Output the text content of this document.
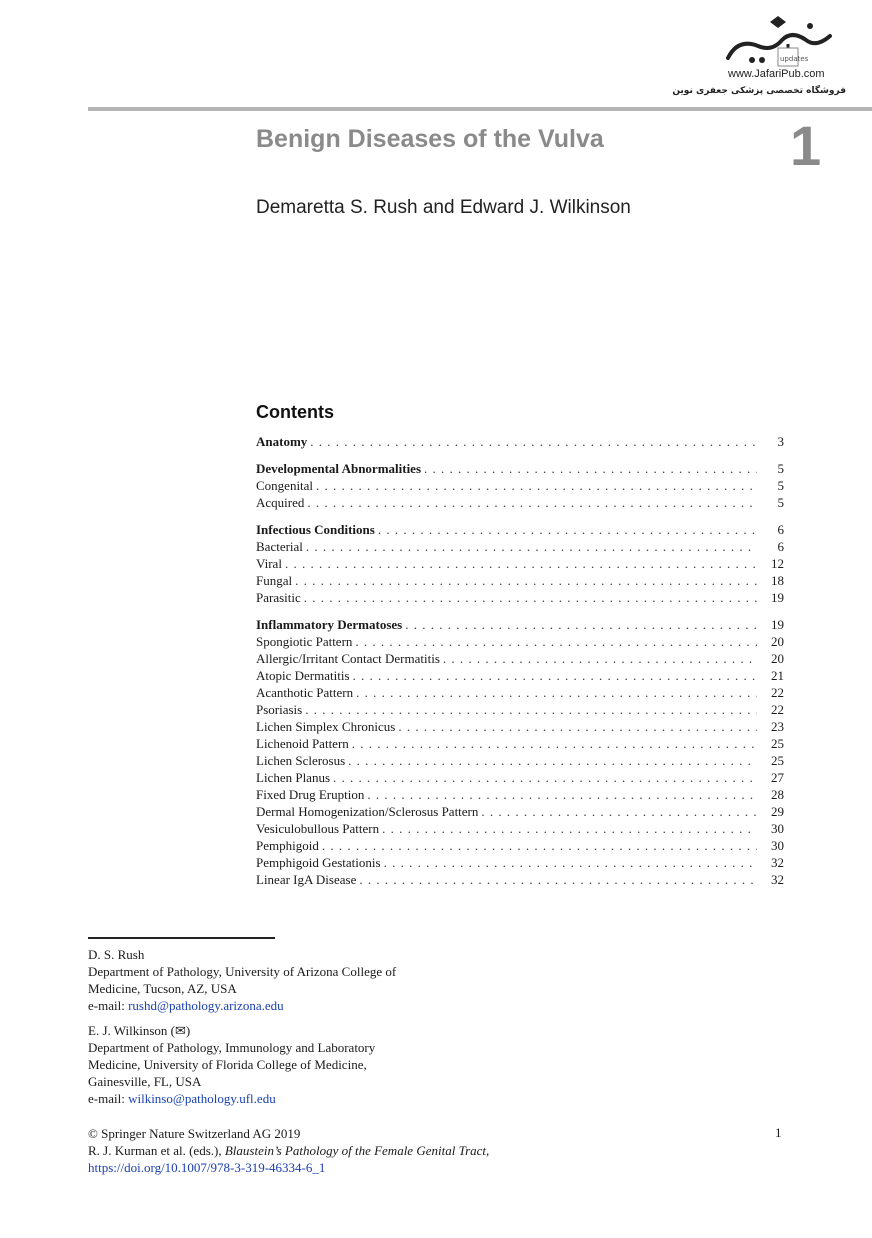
updates
www.JafariPub.com
فروشگاه تخصصی پزشکی جعفری نوین
Benign Diseases of the Vulva	1
Demaretta S. Rush and Edward J. Wilkinson
Contents
Anatomy . . .	3
Developmental Abnormalities . . .	5
Congenital . . .	5
Acquired . . .	5
Infectious Conditions . . .	6
Bacterial . . .	6
Viral . . .	12
Fungal . . .	18
Parasitic . . .	19
Inflammatory Dermatoses . . .	19
Spongiotic Pattern . . .	20
Allergic/Irritant Contact Dermatitis . . .	20
Atopic Dermatitis . . .	21
Acanthotic Pattern . . .	22
Psoriasis . . .	22
Lichen Simplex Chronicus . . .	23
Lichenoid Pattern . . .	25
Lichen Sclerosus . . .	25
Lichen Planus . . .	27
Fixed Drug Eruption . . .	28
Dermal Homogenization/Sclerosus Pattern . . .	29
Vesiculobullous Pattern . . .	30
Pemphigoid . . .	30
Pemphigoid Gestationis . . .	32
Linear IgA Disease . . .	32
D. S. Rush
Department of Pathology, University of Arizona College of
Medicine, Tucson, AZ, USA
e-mail: rushd@pathology.arizona.edu
E. J. Wilkinson (✉)
Department of Pathology, Immunology and Laboratory
Medicine, University of Florida College of Medicine,
Gainesville, FL, USA
e-mail: wilkinso@pathology.ufl.edu
© Springer Nature Switzerland AG 2019
R. J. Kurman et al. (eds.), Blaustein’s Pathology of the Female Genital Tract,
https://doi.org/10.1007/978-3-319-46334-6_1
1
